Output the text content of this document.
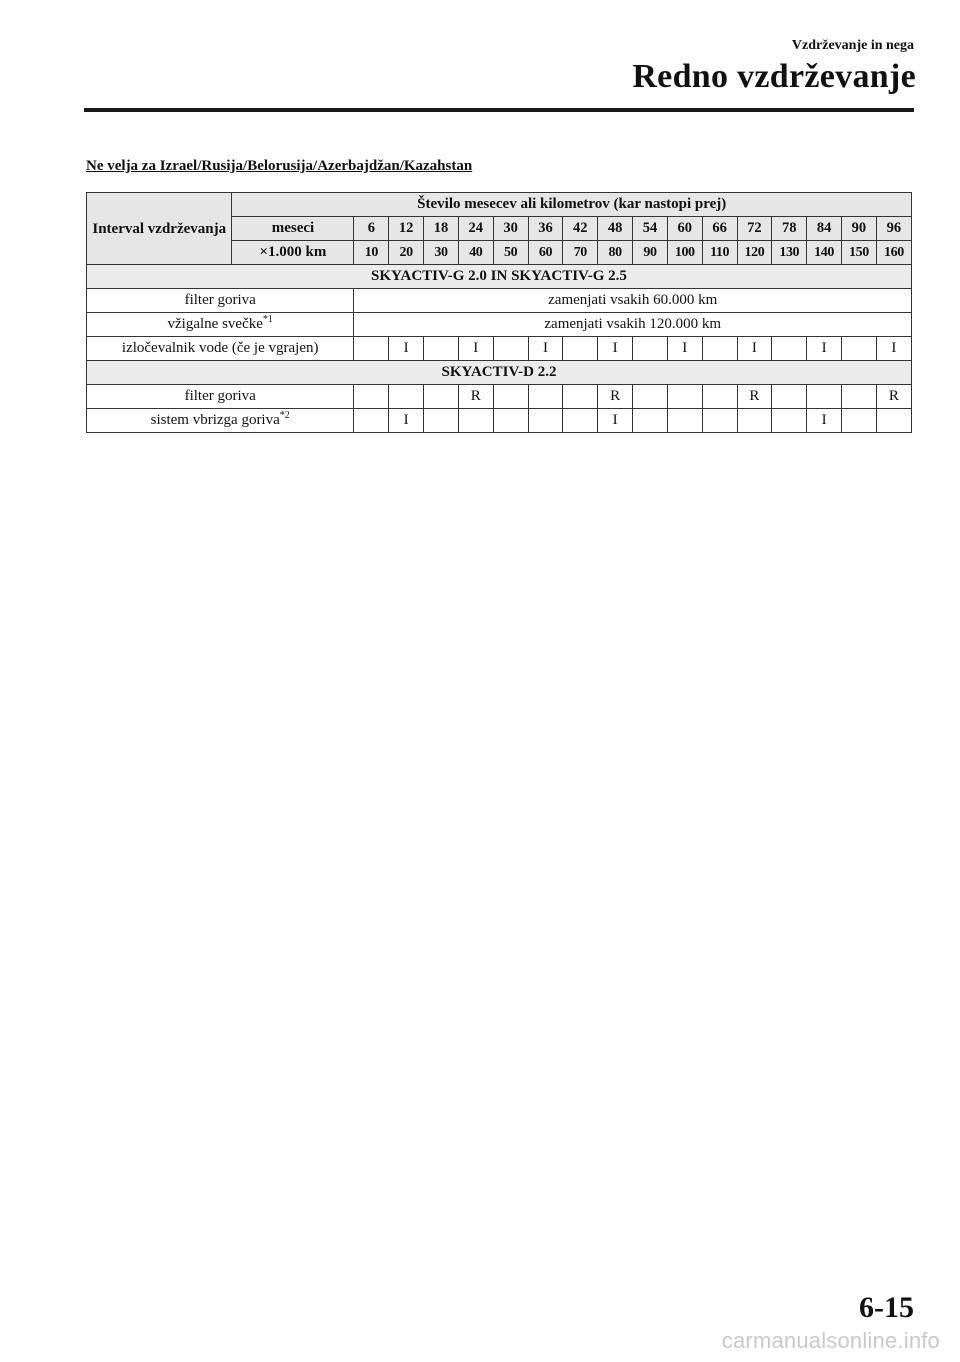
Vzdrževanje in nega
Redno vzdrževanje
Ne velja za Izrael/Rusija/Belorusija/Azerbajdžan/Kazahstan
Interval vzdrževanja	Število mesecev ali kilometrov (kar nastopi prej)																
	meseci	6	12	18	24	30	36	42	48	54	60	66	72	78	84	90	96
	×1.000 km	10	20	30	40	50	60	70	80	90	100	110	120	130	140	150	160
SKYACTIV-G 2.0 IN SKYACTIV-G 2.5																	
filter goriva		zamenjati vsakih 60.000 km															
vžigalne svečke$^{*1}$		zamenjati vsakih 120.000 km															
izločevalnik vode (če je vgrajen)			I		I		I		I		I		I		I		I
SKYACTIV-D 2.2																	
filter goriva					R				R				R				R
sistem vbrizga goriva$^{*2}$			I						I						I		
6-15
carmanualsonline.info
